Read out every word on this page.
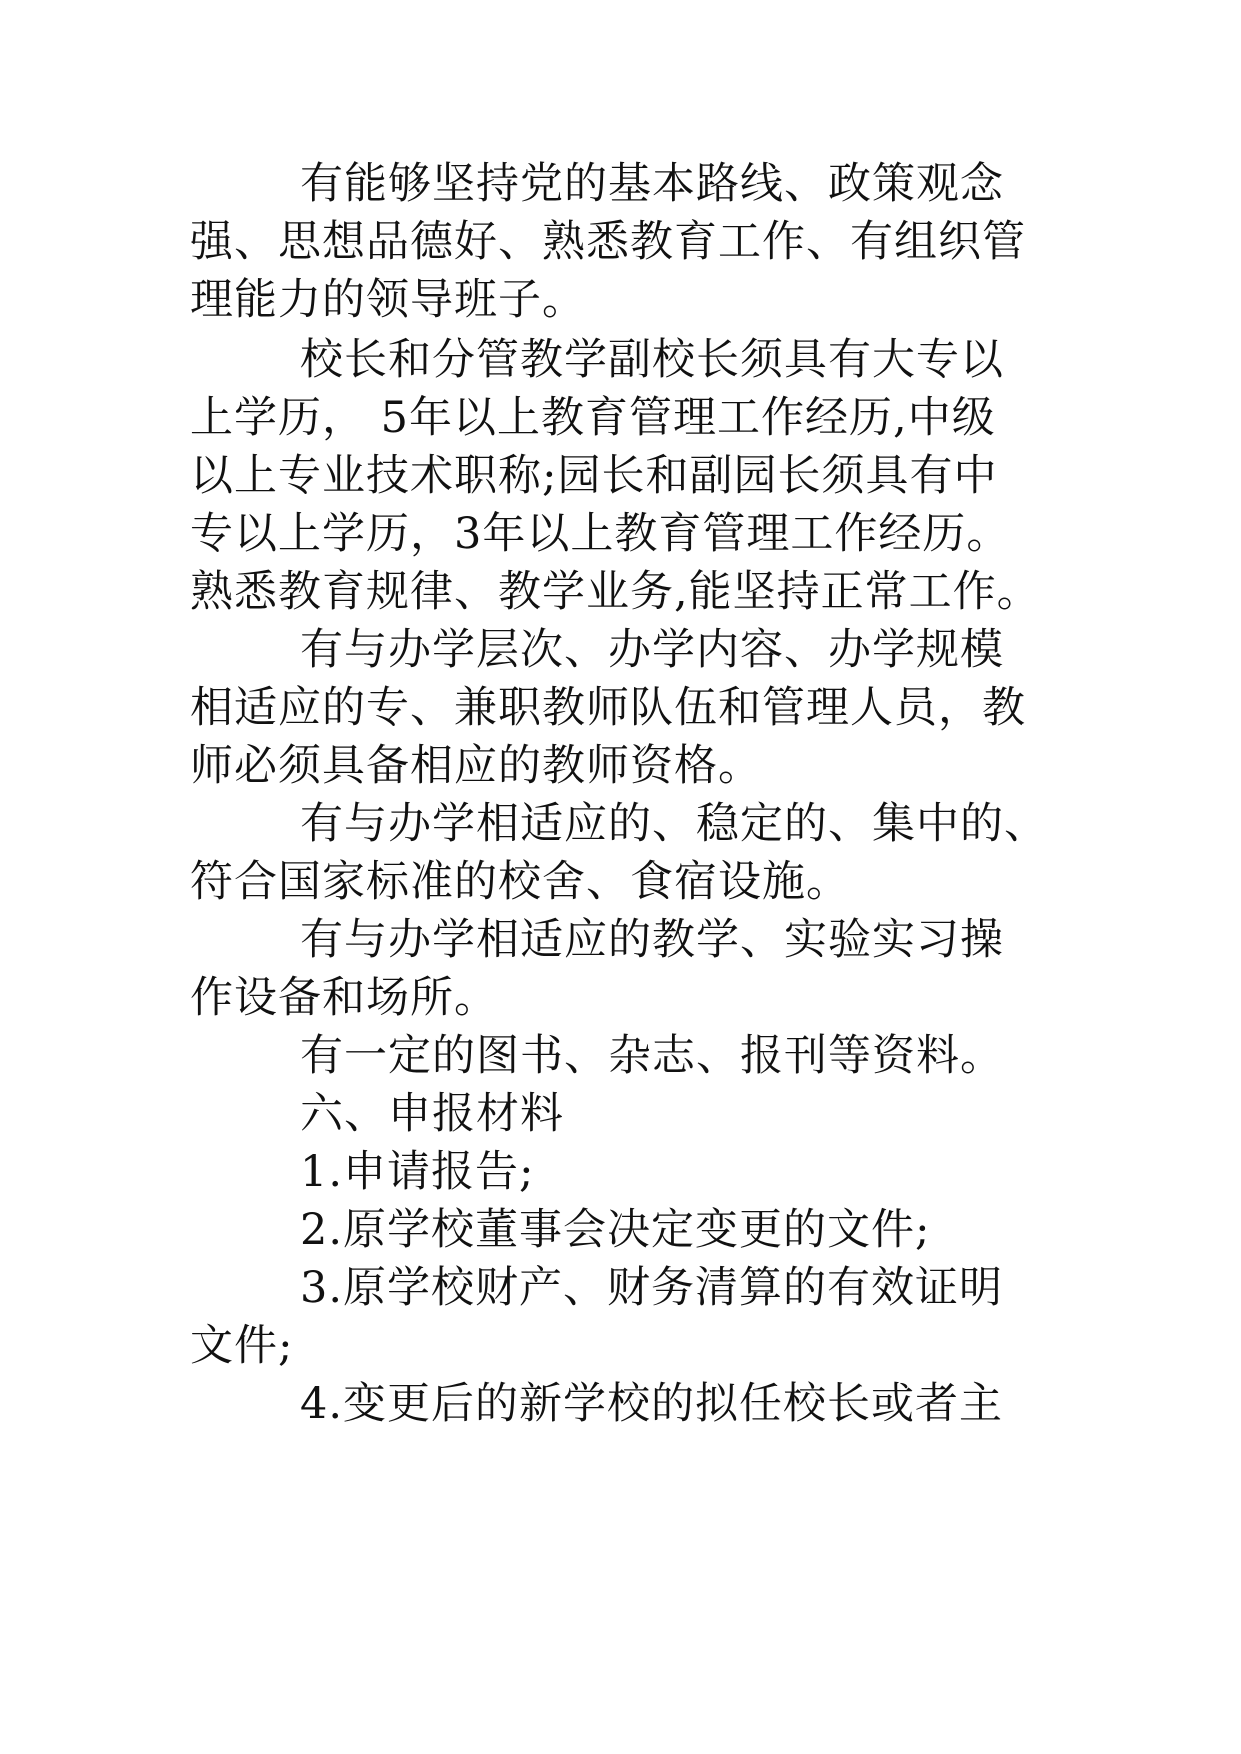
有能够坚持党的基本路线、政策观念
强、思想品德好、熟悉教育工作、有组织管
理能力的领导班子。
校长和分管教学副校长须具有大专以
上学历， 5年以上教育管理工作经历,中级
以上专业技术职称;园长和副园长须具有中
专以上学历，3年以上教育管理工作经历。
熟悉教育规律、教学业务,能坚持正常工作。
有与办学层次、办学内容、办学规模
相适应的专、兼职教师队伍和管理人员，教
师必须具备相应的教师资格。
有与办学相适应的、稳定的、集中的、
符合国家标准的校舍、食宿设施。
有与办学相适应的教学、实验实习操
作设备和场所。
有一定的图书、杂志、报刊等资料。
六、申报材料
1.申请报告;
2.原学校董事会决定变更的文件;
3.原学校财产、财务清算的有效证明
文件;
4.变更后的新学校的拟任校长或者主
